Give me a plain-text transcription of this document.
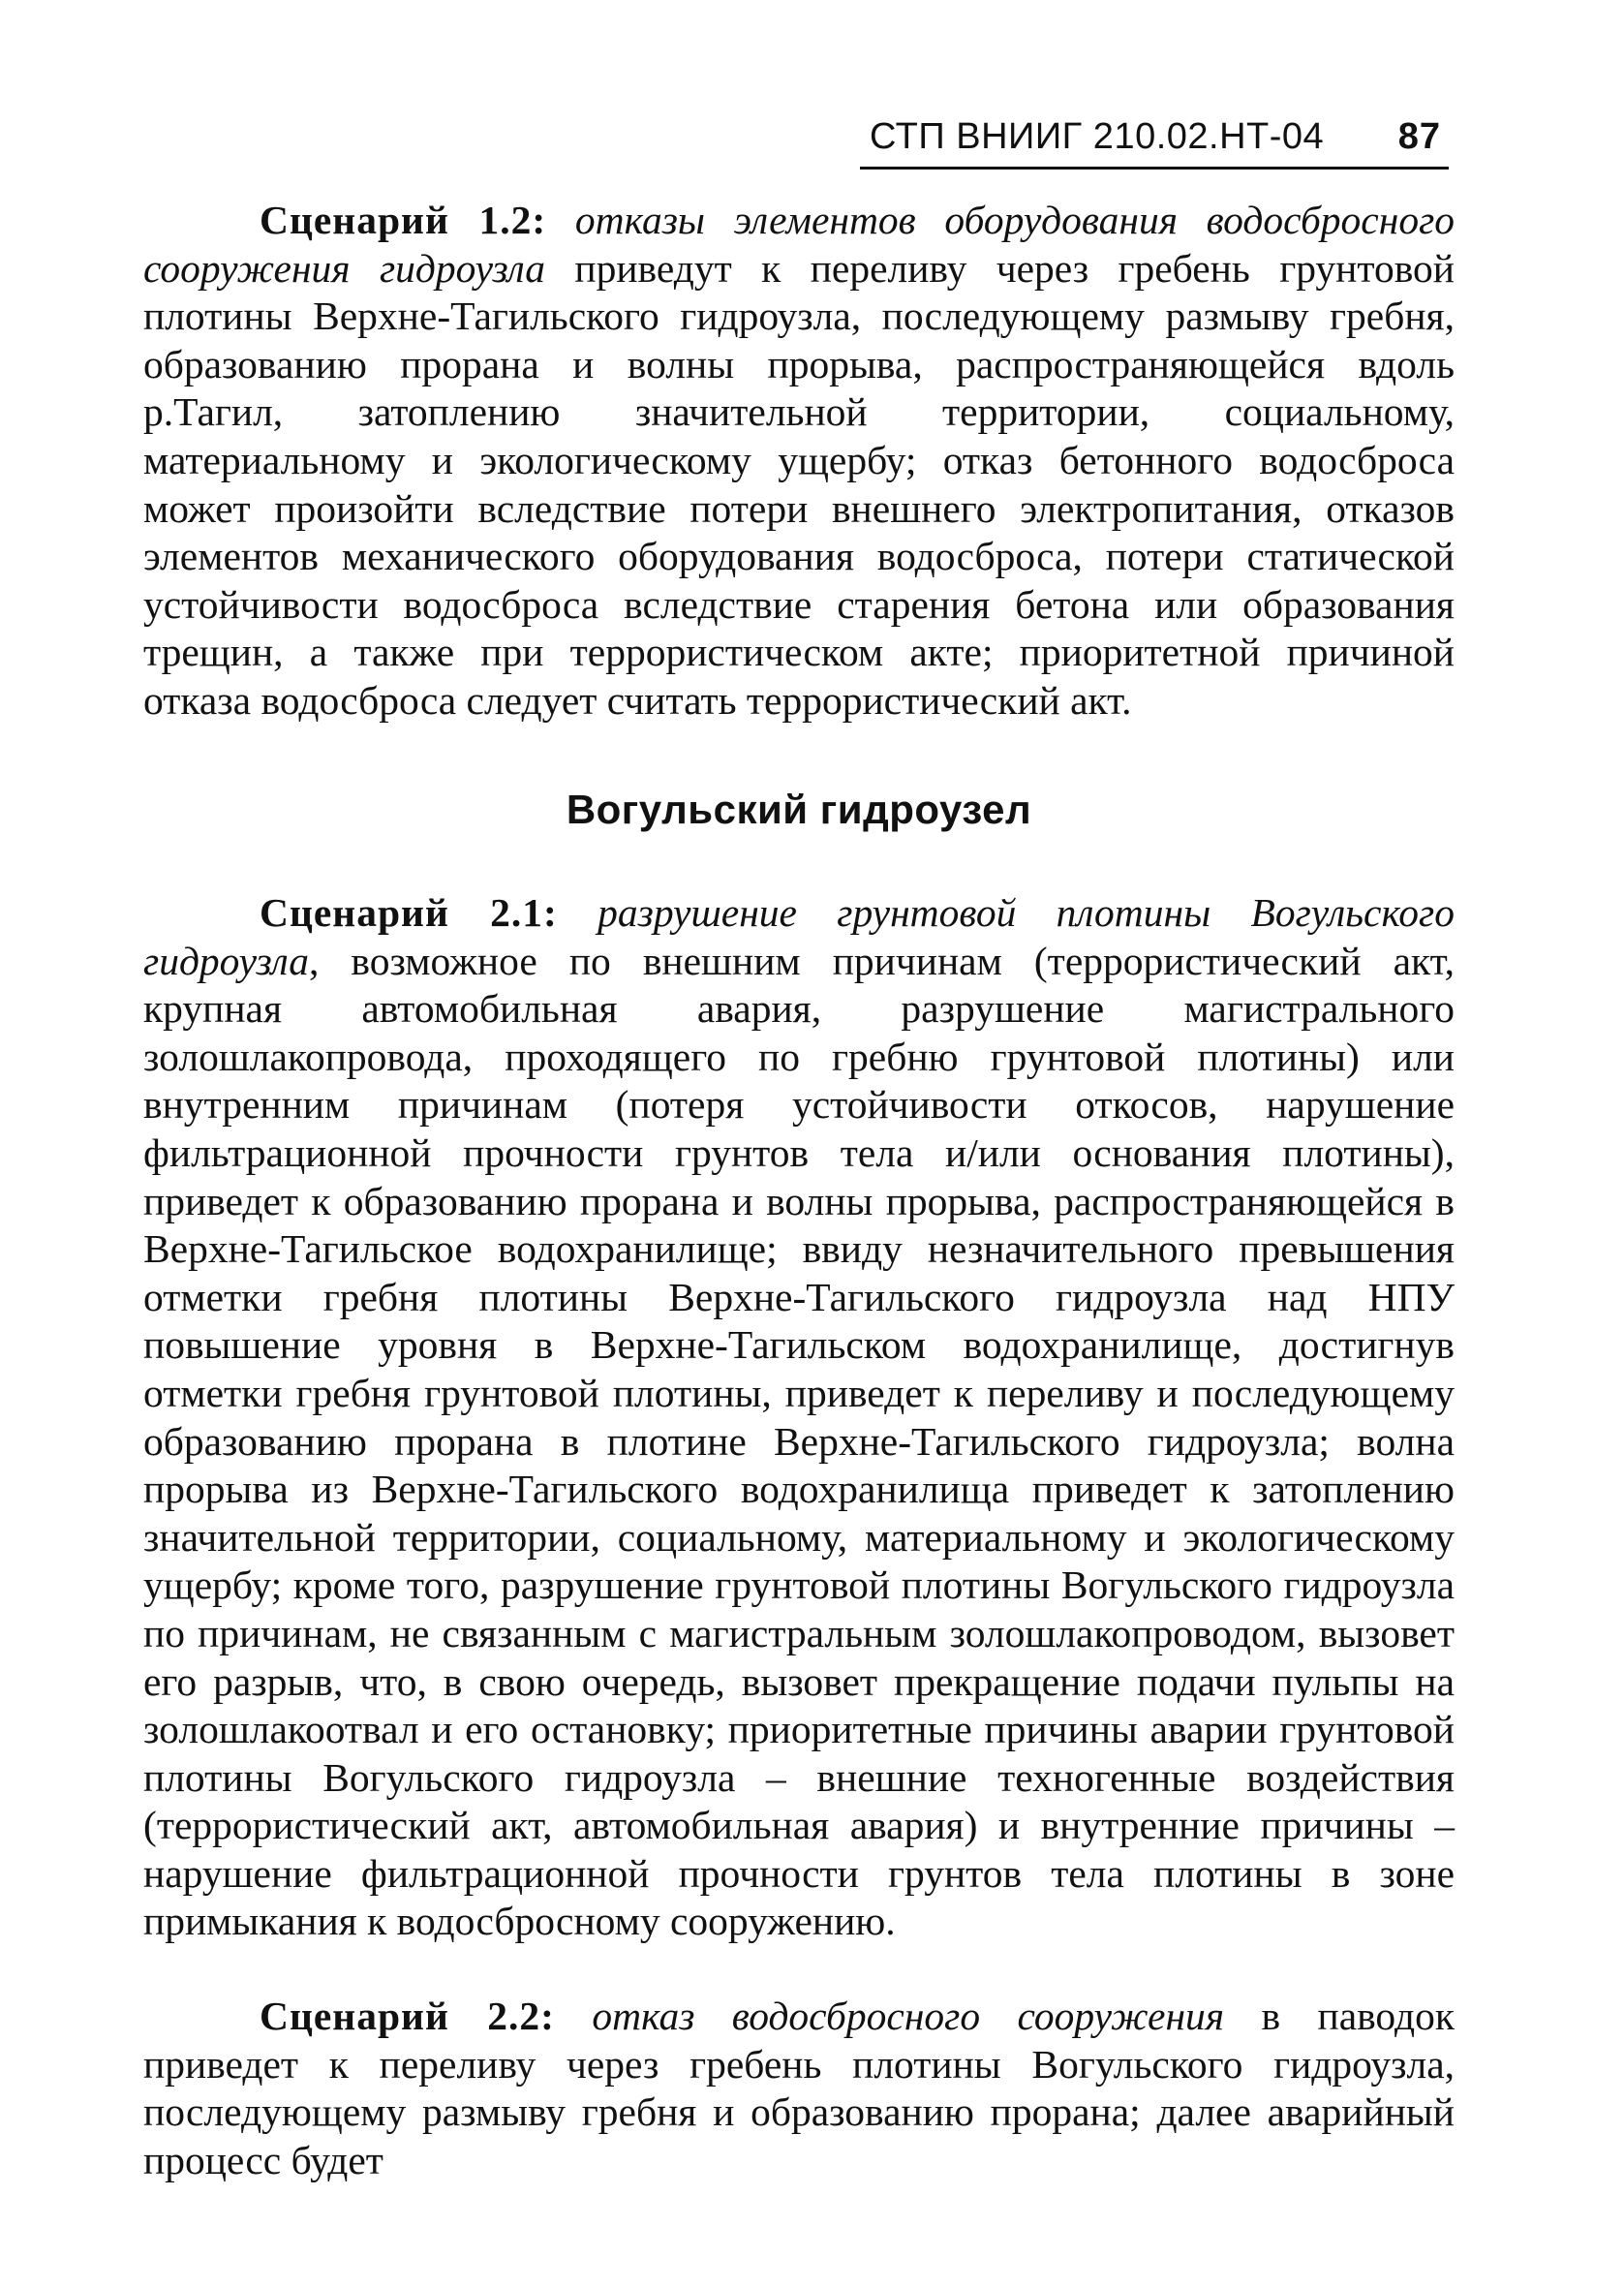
СТП ВНИИГ 210.02.НТ-04 87
Сценарий 1.2: отказы элементов оборудования водосбросного сооружения гидроузла приведут к переливу через гребень грунтовой плотины Верхне-Тагильского гидроузла, последующему размыву гребня, образованию прорана и волны прорыва, распространяющейся вдоль р.Тагил, затоплению значительной территории, социальному, материальному и экологическому ущербу; отказ бетонного водосброса может произойти вследствие потери внешнего электропитания, отказов элементов механического оборудования водосброса, потери статической устойчивости водосброса вследствие старения бетона или образования трещин, а также при террористическом акте; приоритетной причиной отказа водосброса следует считать террористический акт.
Вогульский гидроузел
Сценарий 2.1: разрушение грунтовой плотины Вогульского гидроузла, возможное по внешним причинам (террористический акт, крупная автомобильная авария, разрушение магистрального золошлакопровода, проходящего по гребню грунтовой плотины) или внутренним причинам (потеря устойчивости откосов, нарушение фильтрационной прочности грунтов тела и/или основания плотины), приведет к образованию прорана и волны прорыва, распространяющейся в Верхне-Тагильское водохранилище; ввиду незначительного превышения отметки гребня плотины Верхне-Тагильского гидроузла над НПУ повышение уровня в Верхне-Тагильском водохранилище, достигнув отметки гребня грунтовой плотины, приведет к переливу и последующему образованию прорана в плотине Верхне-Тагильского гидроузла; волна прорыва из Верхне-Тагильского водохранилища приведет к затоплению значительной территории, социальному, материальному и экологическому ущербу; кроме того, разрушение грунтовой плотины Вогульского гидроузла по причинам, не связанным с магистральным золошлакопроводом, вызовет его разрыв, что, в свою очередь, вызовет прекращение подачи пульпы на золошлакоотвал и его остановку; приоритетные причины аварии грунтовой плотины Вогульского гидроузла – внешние техногенные воздействия (террористический акт, автомобильная авария) и внутренние причины – нарушение фильтрационной прочности грунтов тела плотины в зоне примыкания к водосбросному сооружению.
Сценарий 2.2: отказ водосбросного сооружения в паводок приведет к переливу через гребень плотины Вогульского гидроузла, последующему размыву гребня и образованию прорана; далее аварийный процесс будет
